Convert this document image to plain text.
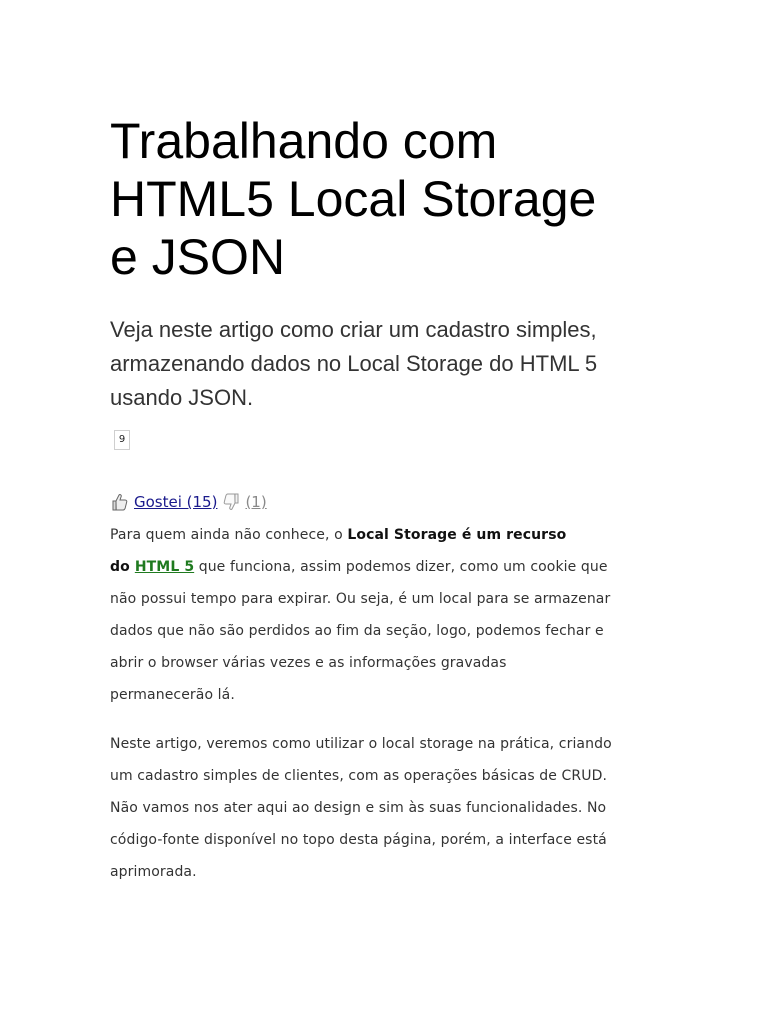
Trabalhando com
HTML5 Local Storage
e JSON

Veja neste artigo como criar um cadastro simples,
armazenando dados no Local Storage do HTML 5
usando JSON.

9
Gostei (15) (1)
Para quem ainda não conhece, o Local Storage é um recurso
do HTML 5 que funciona, assim podemos dizer, como um cookie que
não possui tempo para expirar. Ou seja, é um local para se armazenar
dados que não são perdidos ao fim da seção, logo, podemos fechar e
abrir o browser várias vezes e as informações gravadas
permanecerão lá.
Neste artigo, veremos como utilizar o local storage na prática, criando
um cadastro simples de clientes, com as operações básicas de CRUD.
Não vamos nos ater aqui ao design e sim às suas funcionalidades. No
código-fonte disponível no topo desta página, porém, a interface está
aprimorada.
